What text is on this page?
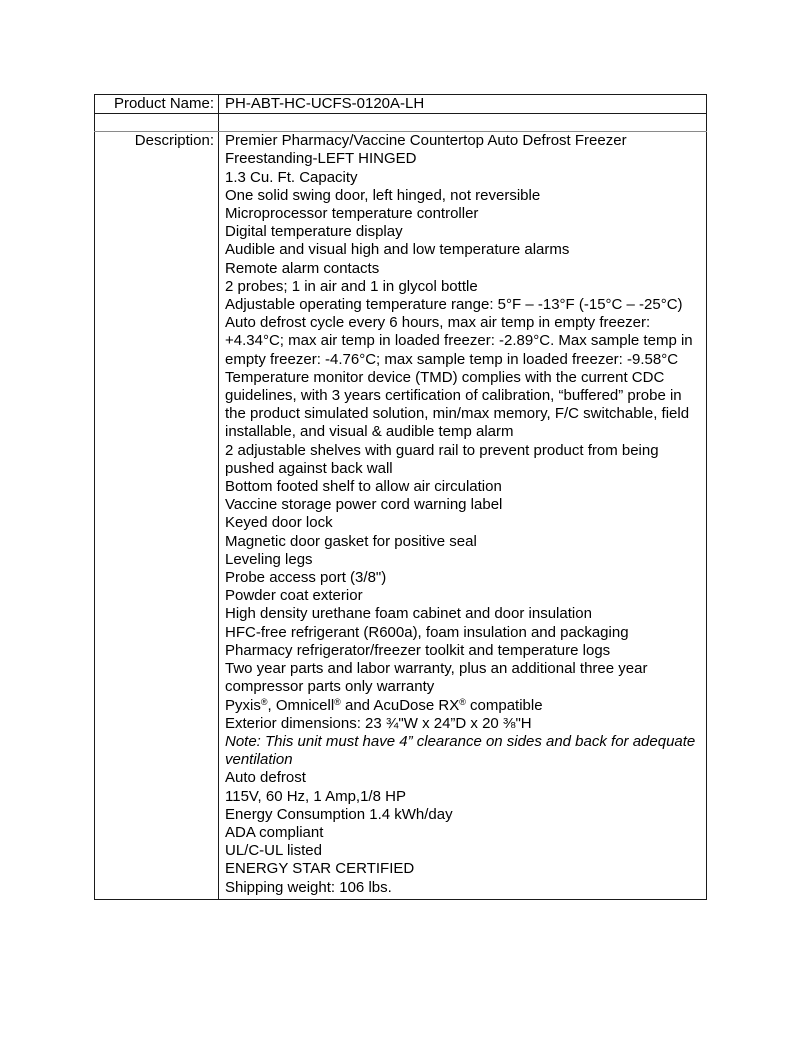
Product Name:	PH-ABT-HC-UCFS-0120A-LH

Description:	Premier Pharmacy/Vaccine Countertop Auto Defrost Freezer
Freestanding-LEFT HINGED
1.3 Cu. Ft. Capacity
One solid swing door, left hinged, not reversible
Microprocessor temperature controller
Digital temperature display
Audible and visual high and low temperature alarms
Remote alarm contacts
2 probes; 1 in air and 1 in glycol bottle
Adjustable operating temperature range: 5°F – -13°F (-15°C – -25°C)
Auto defrost cycle every 6 hours, max air temp in empty freezer: +4.34°C; max air temp in loaded freezer: -2.89°C. Max sample temp in empty freezer: -4.76°C; max sample temp in loaded freezer: -9.58°C
Temperature monitor device (TMD) complies with the current CDC guidelines, with 3 years certification of calibration, “buffered” probe in the product simulated solution, min/max memory, F/C switchable, field installable, and visual & audible temp alarm
2 adjustable shelves with guard rail to prevent product from being pushed against back wall
Bottom footed shelf to allow air circulation
Vaccine storage power cord warning label
Keyed door lock
Magnetic door gasket for positive seal
Leveling legs
Probe access port (3/8")
Powder coat exterior
High density urethane foam cabinet and door insulation
HFC-free refrigerant (R600a), foam insulation and packaging
Pharmacy refrigerator/freezer toolkit and temperature logs
Two year parts and labor warranty, plus an additional three year compressor parts only warranty
Pyxis®, Omnicell® and AcuDose RX® compatible
Exterior dimensions: 23 ¾"W x 24”D x 20 ⅜"H
Note: This unit must have 4” clearance on sides and back for adequate ventilation
Auto defrost
115V, 60 Hz, 1 Amp,1/8 HP
Energy Consumption 1.4 kWh/day
ADA compliant
UL/C-UL listed
ENERGY STAR CERTIFIED
Shipping weight: 106 lbs.
